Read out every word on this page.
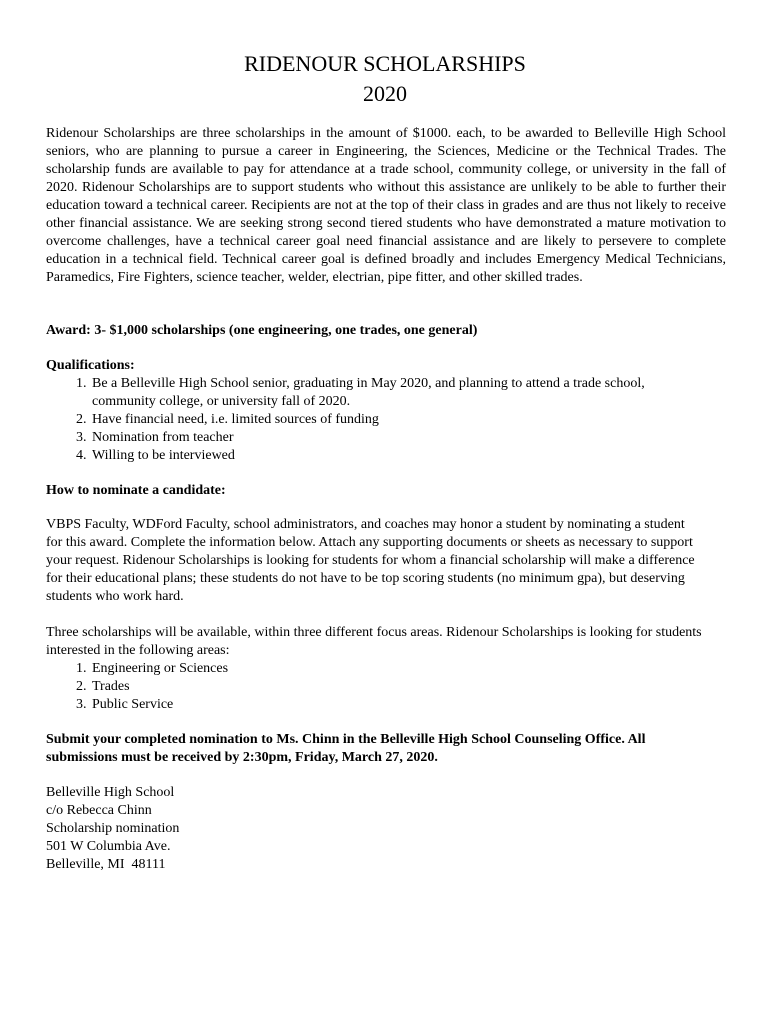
RIDENOUR SCHOLARSHIPS
2020
Ridenour Scholarships are three scholarships in the amount of $1000. each, to be awarded to Belleville High School seniors, who are planning to pursue a career in Engineering, the Sciences, Medicine or the Technical Trades. The scholarship funds are available to pay for attendance at a trade school, community college, or university in the fall of 2020. Ridenour Scholarships are to support students who without this assistance are unlikely to be able to further their education toward a technical career. Recipients are not at the top of their class in grades and are thus not likely to receive other financial assistance. We are seeking strong second tiered students who have demonstrated a mature motivation to overcome challenges, have a technical career goal need financial assistance and are likely to persevere to complete education in a technical field. Technical career goal is defined broadly and includes Emergency Medical Technicians, Paramedics, Fire Fighters, science teacher, welder, electrian, pipe fitter, and other skilled trades.
Award: 3- $1,000 scholarships (one engineering, one trades, one general)
Qualifications:
1. Be a Belleville High School senior, graduating in May 2020, and planning to attend a trade school, community college, or university fall of 2020.
2. Have financial need, i.e. limited sources of funding
3. Nomination from teacher
4. Willing to be interviewed
How to nominate a candidate:
VBPS Faculty, WDFord Faculty, school administrators, and coaches may honor a student by nominating a student for this award. Complete the information below. Attach any supporting documents or sheets as necessary to support your request. Ridenour Scholarships is looking for students for whom a financial scholarship will make a difference for their educational plans; these students do not have to be top scoring students (no minimum gpa), but deserving students who work hard.
Three scholarships will be available, within three different focus areas. Ridenour Scholarships is looking for students interested in the following areas:
1. Engineering or Sciences
2. Trades
3. Public Service
Submit your completed nomination to Ms. Chinn in the Belleville High School Counseling Office. All submissions must be received by 2:30pm, Friday, March 27, 2020.
Belleville High School
c/o Rebecca Chinn
Scholarship nomination
501 W Columbia Ave.
Belleville, MI  48111
